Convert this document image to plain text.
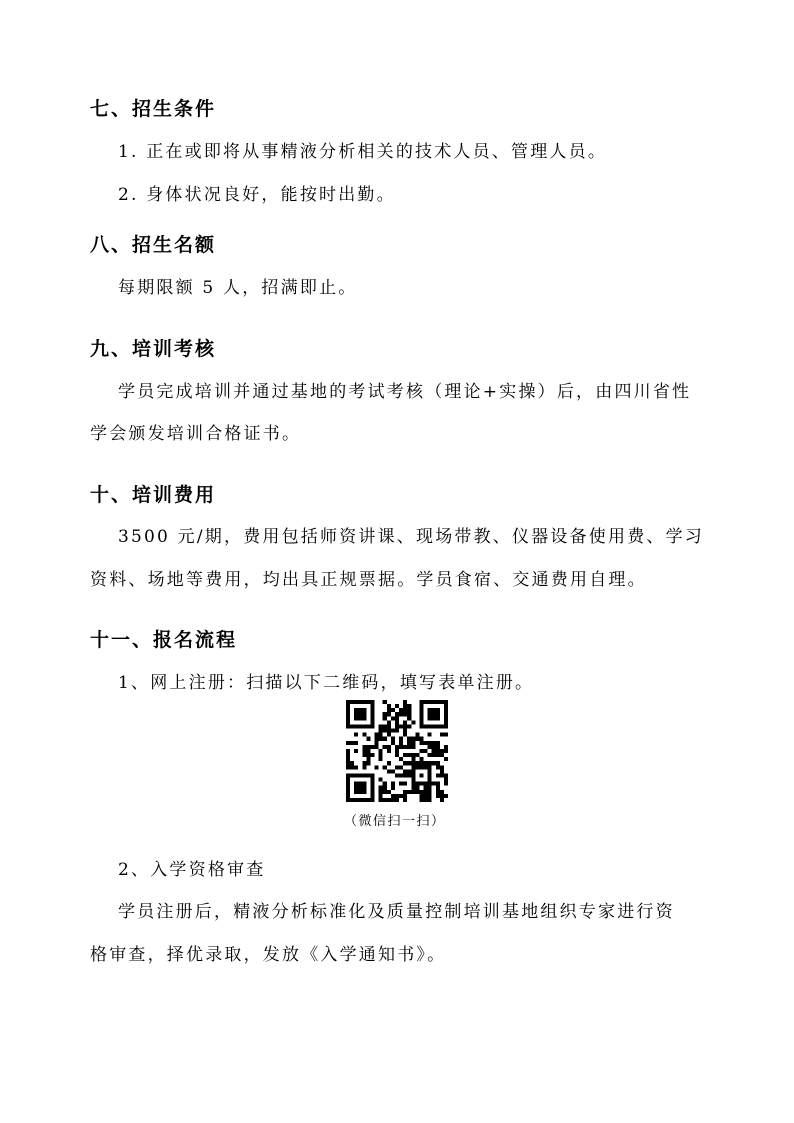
七、招生条件
1. 正在或即将从事精液分析相关的技术人员、管理人员。
2. 身体状况良好，能按时出勤。
八、招生名额
每期限额 5 人，招满即止。
九、培训考核
学员完成培训并通过基地的考试考核（理论+实操）后，由四川省性
学会颁发培训合格证书。
十、培训费用
3500 元/期，费用包括师资讲课、现场带教、仪器设备使用费、学习
资料、场地等费用，均出具正规票据。学员食宿、交通费用自理。
十一、报名流程
1、网上注册：扫描以下二维码，填写表单注册。
（微信扫一扫）
2、入学资格审查
学员注册后，精液分析标准化及质量控制培训基地组织专家进行资
格审查，择优录取，发放《入学通知书》。
